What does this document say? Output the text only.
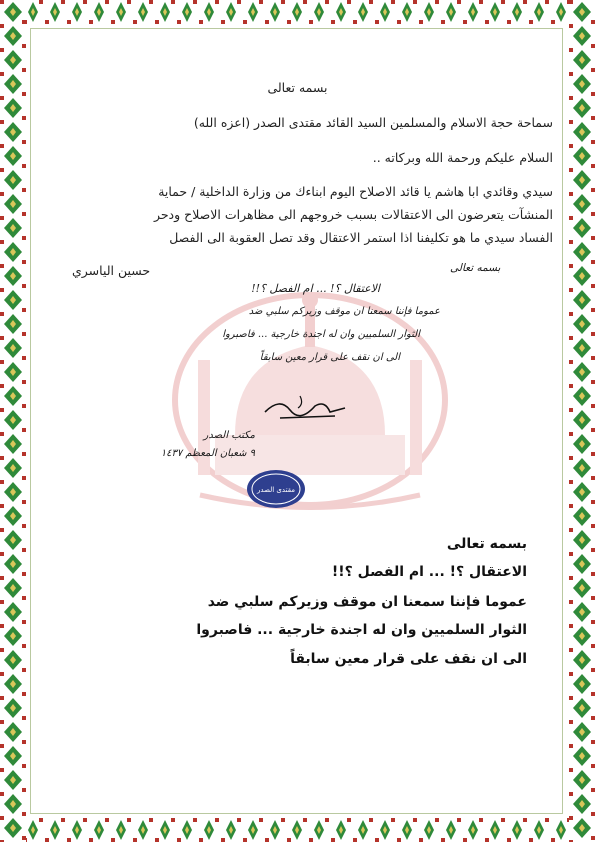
بسمه تعالى
سماحة حجة الاسلام والمسلمين السيد القائد مقتدى الصدر (اعزه الله)
السلام عليكم ورحمة الله وبركاته ..
سيدي وقائدي ابا هاشم يا قائد الاصلاح اليوم ابناءك من وزارة الداخلية / حماية
المنشآت يتعرضون الى الاعتقالات بسبب خروجهم الى مظاهرات الاصلاح ودحر
الفساد سيدي ما هو تكليفنا اذا استمر الاعتقال وقد تصل العقوبة الى الفصل
حسين الياسري	بسمه تعالى
الاعتقال ؟! ... ام الفصل ؟!!
عموما فإننا سمعنا ان موقف وزيركم سلبي ضد
الثوار السلميين وان له اجندة خارجية ... فاصبروا
الى ان نقف على قرار معين سابقاً
مكتب الصدر
٩ شعبان المعظم ١٤٣٧
مقتدى الصدر
بسمه تعالى
الاعتقال ؟! ... ام الفصل ؟!!
عموما فإننا سمعنا ان موقف وزيركم سلبي ضد
الثوار السلميين وان له اجندة خارجية ... فاصبروا
الى ان نقف على قرار معين سابقاً
